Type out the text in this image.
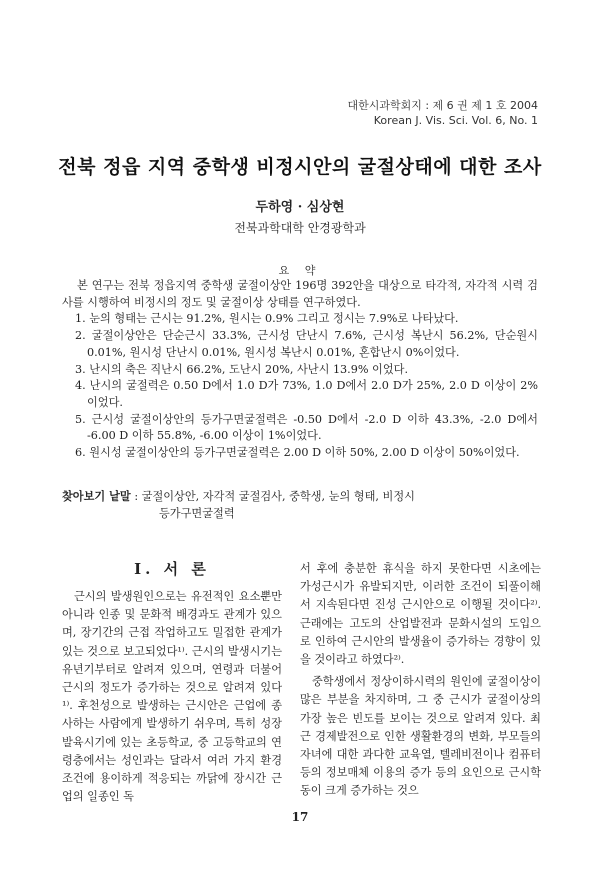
대한시과학회지 : 제 6 권 제 1 호 2004
Korean J. Vis. Sci. Vol. 6, No. 1
전북 정읍 지역 중학생 비정시안의 굴절상태에 대한 조사
두하영 · 심상현
전북과학대학 안경광학과
요 약

본 연구는 전북 정읍지역 중학생 굴절이상안 196명 392안을 대상으로 타각적, 자각적 시력 검사를 시행하여 비정시의 정도 및 굴절이상 상태를 연구하였다.

1. 눈의 형태는 근시는 91.2%, 원시는 0.9% 그리고 정시는 7.9%로 나타났다.
2. 굴절이상안은 단순근시 33.3%, 근시성 단난시 7.6%, 근시성 복난시 56.2%, 단순원시 0.01%, 원시성 단난시 0.01%, 원시성 복난시 0.01%, 혼합난시 0%이었다.
3. 난시의 축은 직난시 66.2%, 도난시 20%, 사난시 13.9% 이었다.
4. 난시의 굴절력은 0.50 D에서 1.0 D가 73%, 1.0 D에서 2.0 D가 25%, 2.0 D 이상이 2%이었다.
5. 근시성 굴절이상안의 등가구면굴절력은 -0.50 D에서 -2.0 D 이하 43.3%, -2.0 D에서 -6.00 D 이하 55.8%, -6.00 이상이 1%이었다.
6. 원시성 굴절이상안의 등가구면굴절력은 2.00 D 이하 50%, 2.00 D 이상이 50%이었다.
찾아보기 낱말 : 굴절이상안, 자각적 굴절검사, 중학생, 눈의 형태, 비정시
등가구면굴절력
I. 서 론

근시의 발생원인으로는 유전적인 요소뿐만 아니라 인종 및 문화적 배경과도 관계가 있으며, 장기간의 근접 작업하고도 밀접한 관계가 있는 것으로 보고되었다¹⁾. 근시의 발생시기는 유년기부터로 알려져 있으며, 연령과 더불어 근시의 정도가 증가하는 것으로 알려져 있다¹⁾. 후천성으로 발생하는 근시안은 근업에 종사하는 사람에게 발생하기 쉬우며, 특히 성장발육시기에 있는 초등학교, 중 고등학교의 연령층에서는 성인과는 달라서 여러 가지 환경조건에 용이하게 적응되는 까닭에 장시간 근업의 일종인 독

서 후에 충분한 휴식을 하지 못한다면 시초에는 가성근시가 유발되지만, 이러한 조건이 되풀이해서 지속된다면 진성 근시안으로 이행될 것이다²⁾. 근래에는 고도의 산업발전과 문화시설의 도입으로 인하여 근시안의 발생율이 증가하는 경향이 있을 것이라고 하였다²⁾.

중학생에서 정상이하시력의 원인에 굴절이상이 많은 부분을 차지하며, 그 중 근시가 굴절이상의 가장 높은 빈도를 보이는 것으로 알려져 있다. 최근 경제발전으로 인한 생활환경의 변화, 부모들의 자녀에 대한 과다한 교육열, 텔레비전이나 컴퓨터 등의 정보매체 이용의 증가 등의 요인으로 근시학동이 크게 증가하는 것으

17
